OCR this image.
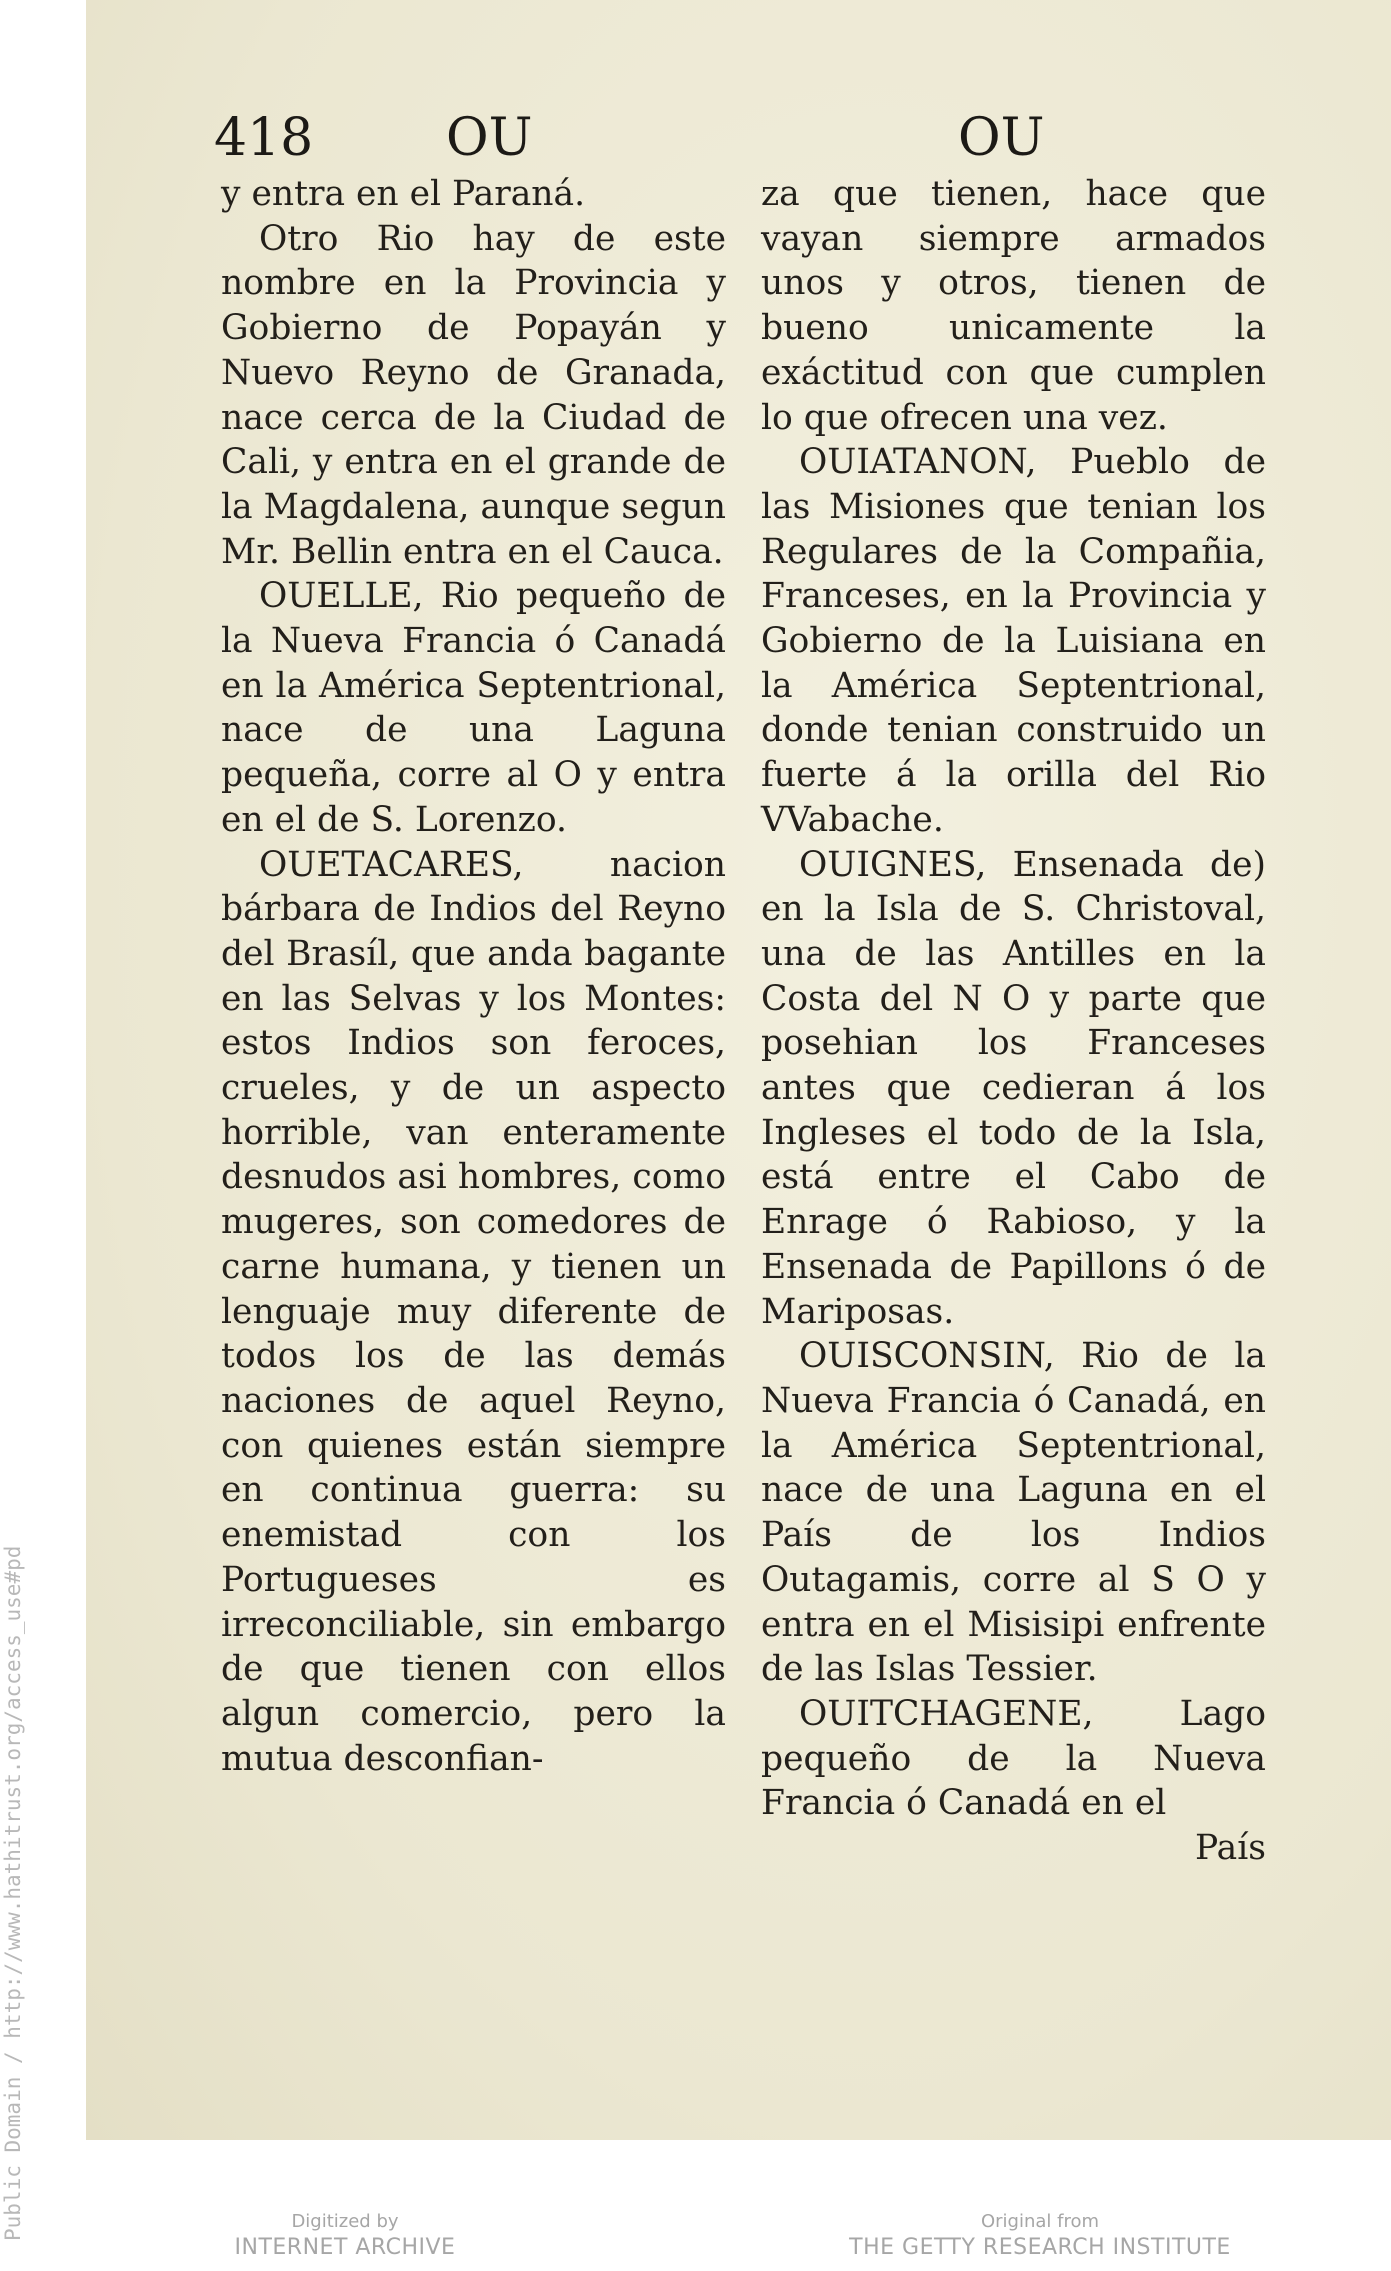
Public Domain / http://www.hathitrust.org/access_use#pd
418	OU	OU

y entra en el Paraná.

Otro Rio hay de este nombre en la Provincia y Gobierno de Popayán y Nuevo Reyno de Granada, nace cerca de la Ciudad de Cali, y entra en el grande de la Magdalena, aunque segun Mr. Bellin entra en el Cauca.

OUELLE, Rio pequeño de la Nueva Francia ó Canadá en la América Septentrional, nace de una Laguna pequeña, corre al O y entra en el de S. Lorenzo.

OUETACARES, nacion bárbara de Indios del Reyno del Brasíl, que anda bagante en las Selvas y los Montes: estos Indios son feroces, crueles, y de un aspecto horrible, van enteramente desnudos asi hombres, como mugeres, son comedores de carne humana, y tienen un lenguaje muy diferente de todos los de las demás naciones de aquel Reyno, con quienes están siempre en continua guerra: su enemistad con los Portugueses es irreconciliable, sin embargo de que tienen con ellos algun comercio, pero la mutua desconfian-

za que tienen, hace que vayan siempre armados unos y otros, tienen de bueno unicamente la exáctitud con que cumplen lo que ofrecen una vez.

OUIATANON, Pueblo de las Misiones que tenian los Regulares de la Compañia, Franceses, en la Provincia y Gobierno de la Luisiana en la América Septentrional, donde tenian construido un fuerte á la orilla del Rio VVabache.

OUIGNES, Ensenada de) en la Isla de S. Christoval, una de las Antilles en la Costa del N O y parte que posehian los Franceses antes que cedieran á los Ingleses el todo de la Isla, está entre el Cabo de Enrage ó Rabioso, y la Ensenada de Papillons ó de Mariposas.

OUISCONSIN, Rio de la Nueva Francia ó Canadá, en la América Septentrional, nace de una Laguna en el País de los Indios Outagamis, corre al S O y entra en el Misisipi enfrente de las Islas Tessier.

OUITCHAGENE, Lago pequeño de la Nueva Francia ó Canadá en el

País

Digitized by
INTERNET ARCHIVE
Original from
THE GETTY RESEARCH INSTITUTE
